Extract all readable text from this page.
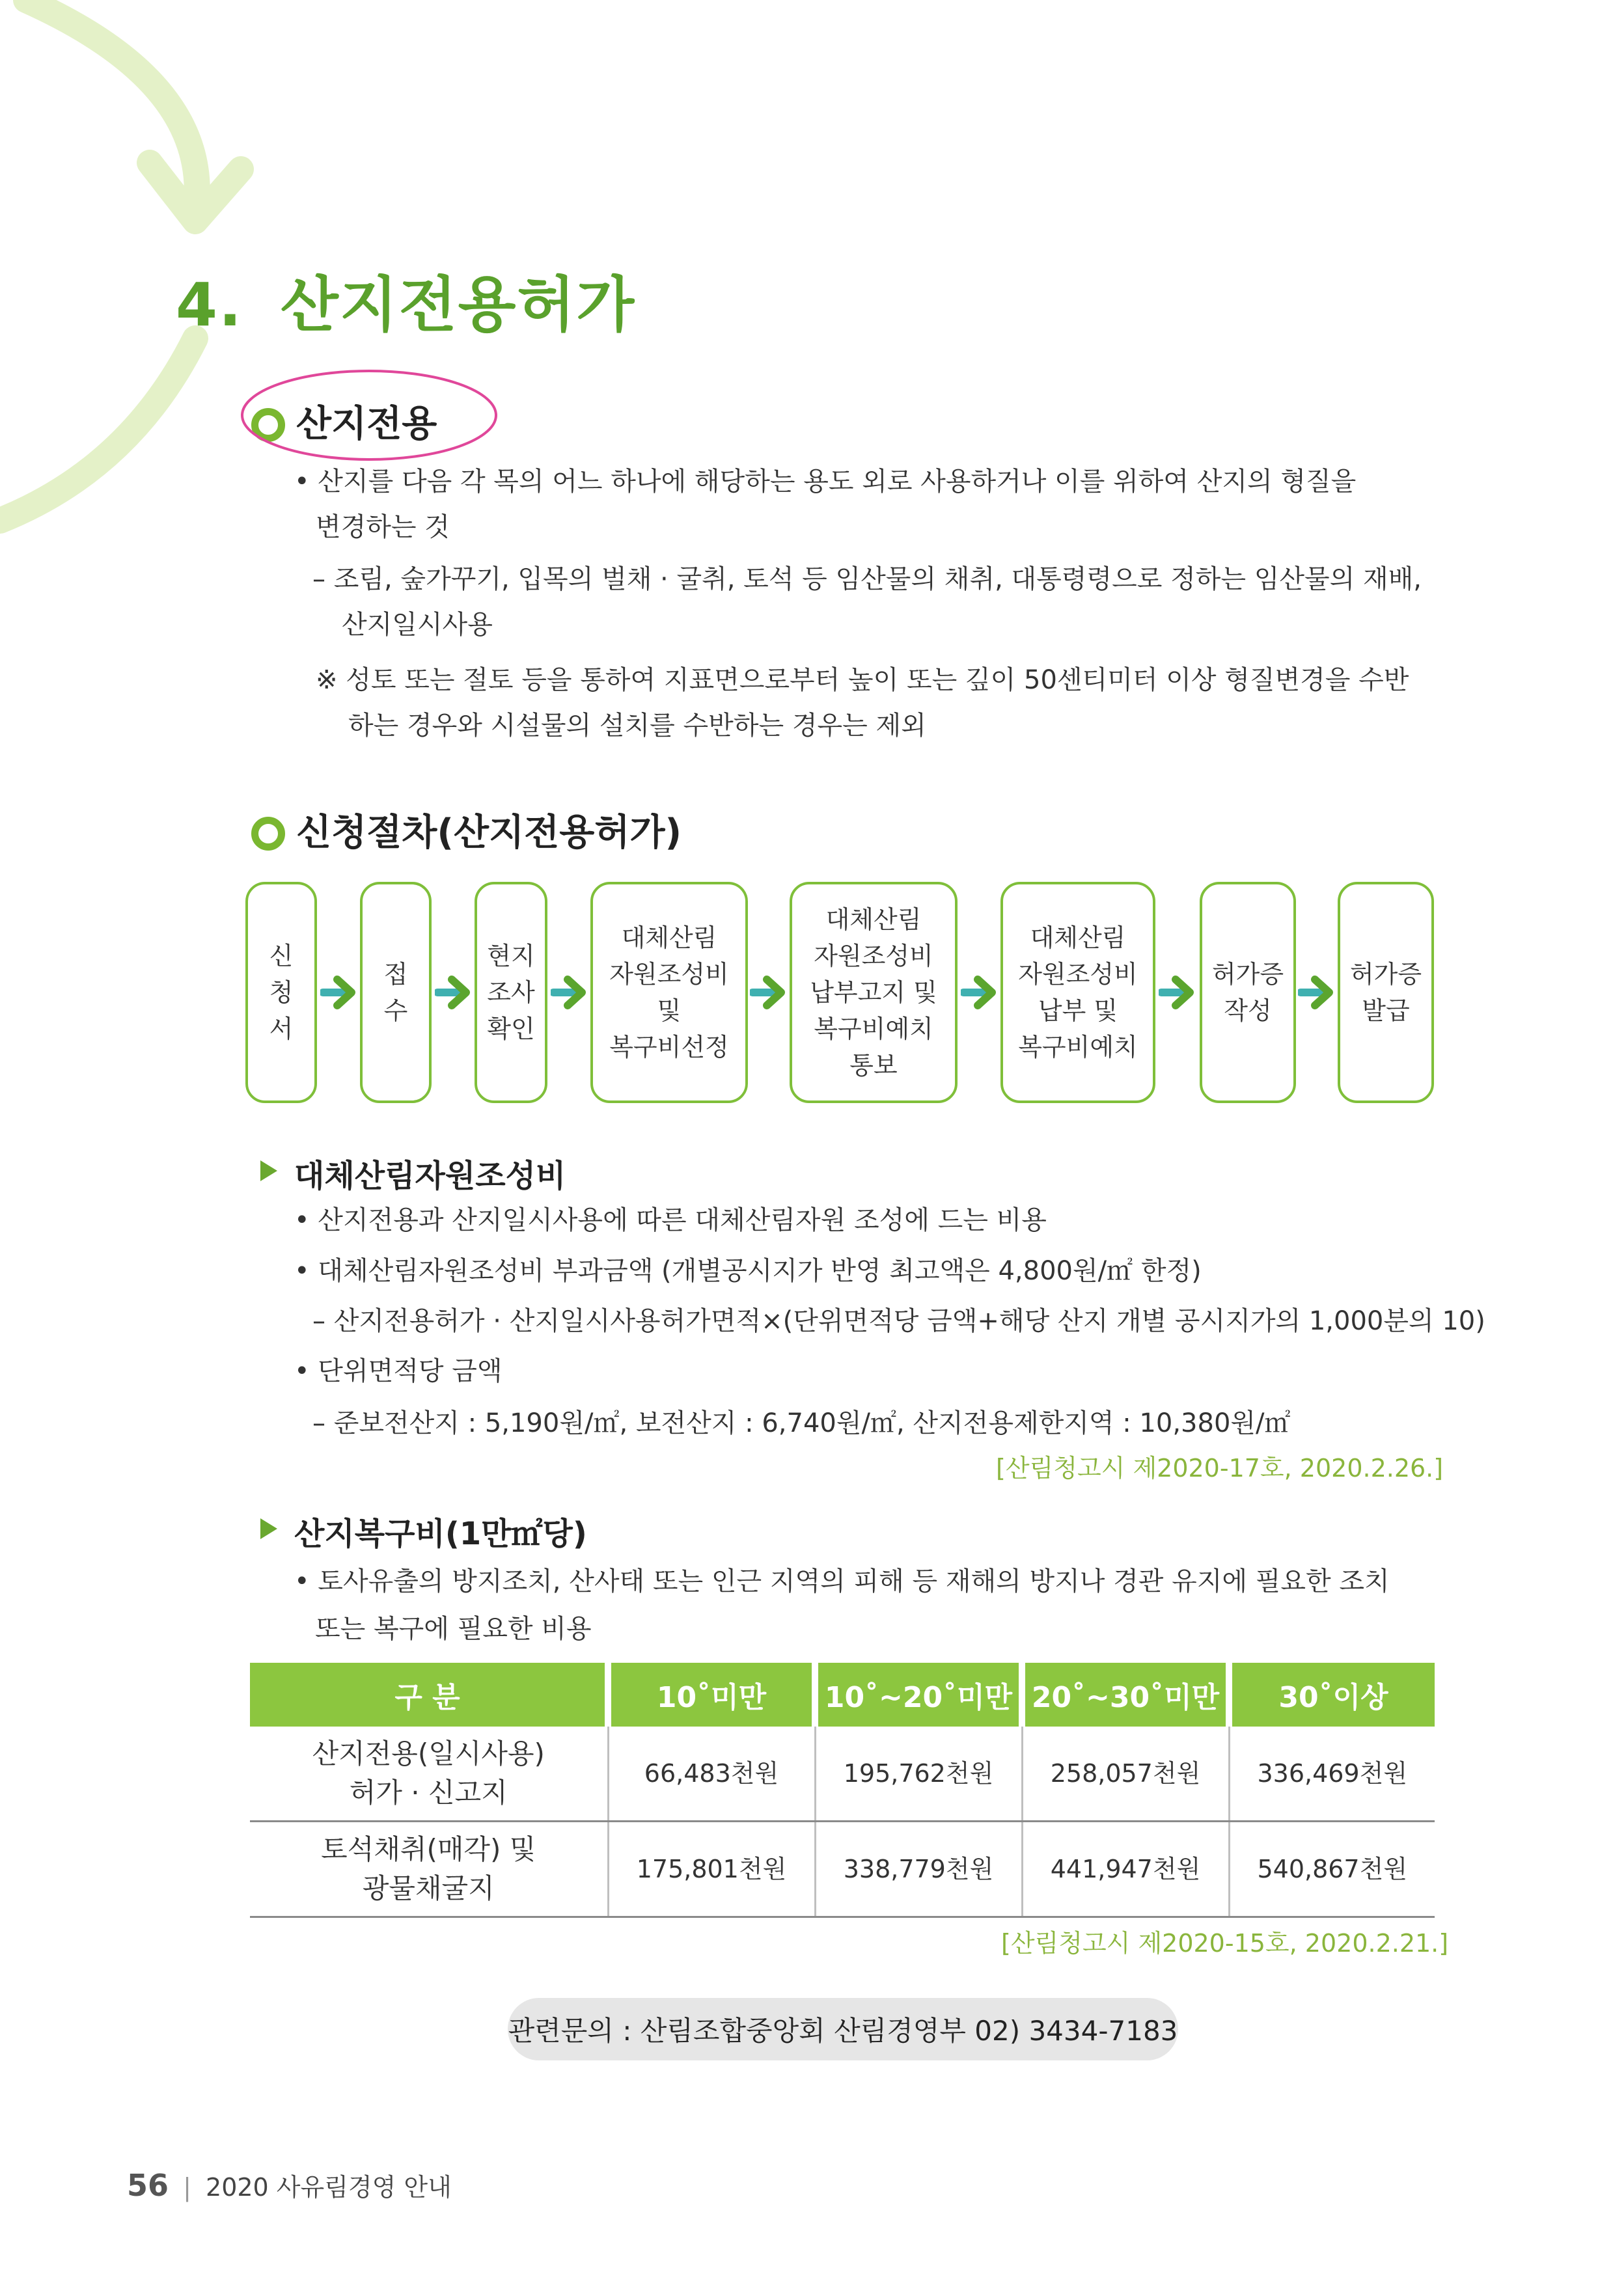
4. 산지전용허가
산지전용
• 산지를 다음 각 목의 어느 하나에 해당하는 용도 외로 사용하거나 이를 위하여 산지의 형질을
변경하는 것
– 조림, 숲가꾸기, 입목의 벌채 · 굴취, 토석 등 임산물의 채취, 대통령령으로 정하는 임산물의 재배,
산지일시사용
※ 성토 또는 절토 등을 통하여 지표면으로부터 높이 또는 깊이 50센티미터 이상 형질변경을 수반
하는 경우와 시설물의 설치를 수반하는 경우는 제외
신청절차(산지전용허가)
신
청
서
접
수
현지
조사
확인
대체산림
자원조성비
및
복구비선정
대체산림
자원조성비
납부고지 및
복구비예치
통보
대체산림
자원조성비
납부 및
복구비예치
허가증
작성
허가증
발급
대체산림자원조성비
• 산지전용과 산지일시사용에 따른 대체산림자원 조성에 드는 비용
• 대체산림자원조성비 부과금액 (개별공시지가 반영 최고액은 4,800원/㎡ 한정)
– 산지전용허가 · 산지일시사용허가면적×(단위면적당 금액+해당 산지 개별 공시지가의 1,000분의 10)
• 단위면적당 금액
– 준보전산지 : 5,190원/㎡, 보전산지 : 6,740원/㎡, 산지전용제한지역 : 10,380원/㎡
[산림청고시 제2020-17호, 2020.2.26.]
산지복구비(1만㎡당)
• 토사유출의 방지조치, 산사태 또는 인근 지역의 피해 등 재해의 방지나 경관 유지에 필요한 조치
또는 복구에 필요한 비용
구 분	10˚미만	10˚~20˚미만	20˚~30˚미만	30˚이상
산지전용(일시사용)
허가 · 신고지	66,483천원	195,762천원	258,057천원	336,469천원
토석채취(매각) 및
광물채굴지	175,801천원	338,779천원	441,947천원	540,867천원
[산림청고시 제2020-15호, 2020.2.21.]
관련문의 : 산림조합중앙회 산림경영부 02) 3434-7183
56 | 2020 사유림경영 안내
